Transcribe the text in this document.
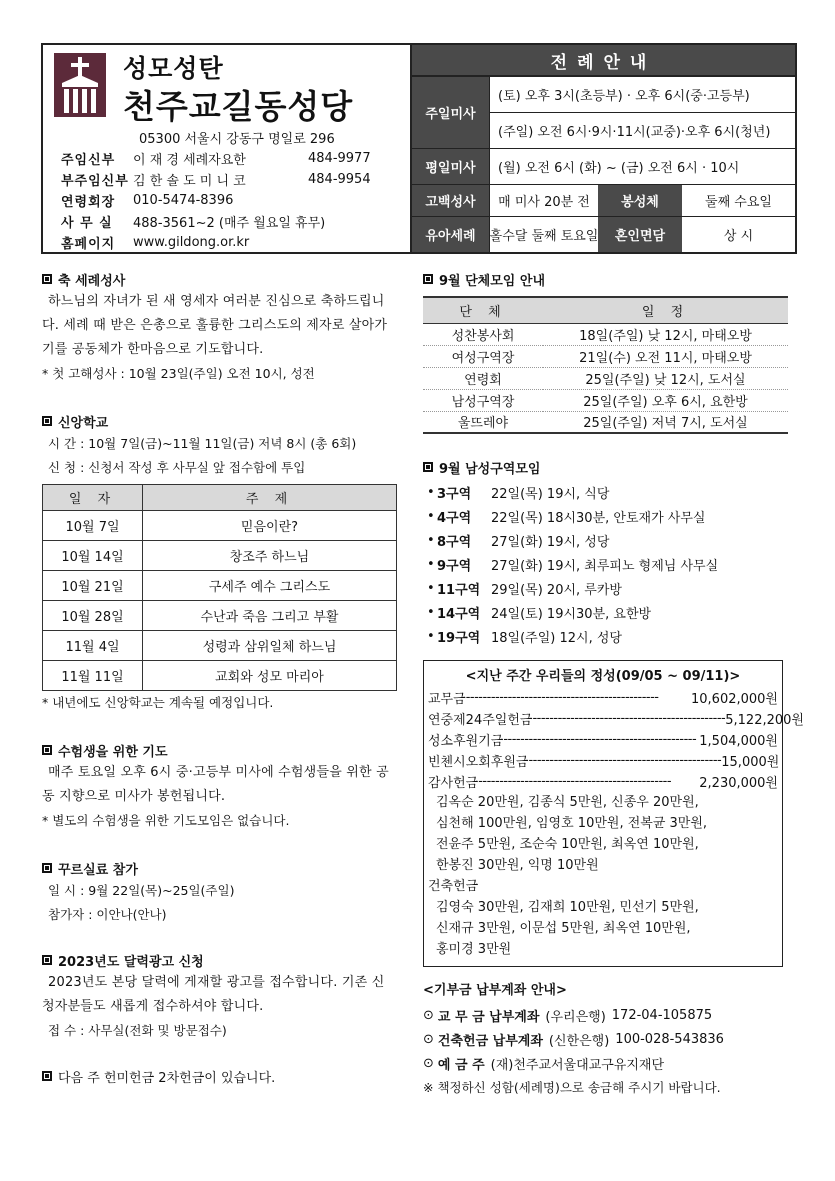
성모성탄
천주교길동성당
05300 서울시 강동구 명일로 296
주임신부	이 재 경 세례자요한	484-9977
부주임신부 김 한 솔 도 미 니 코	484-9954
연령회장	010-5474-8396
사 무 실	488-3561~2 (매주 월요일 휴무)
홈페이지	www.gildong.or.kr
전례안내
주일미사
(토) 오후 3시(초등부) · 오후 6시(중·고등부)
(주일) 오전 6시·9시·11시(교중)·오후 6시(청년)
평일미사	(월) 오전 6시 (화) ~ (금) 오전 6시 · 10시
고백성사	매 미사 20분 전	봉성체	둘째 수요일
유아세례	홀수달 둘째 토요일	혼인면담	상 시
축 세례성사
하느님의 자녀가 된 새 영세자 여러분 진심으로 축하드립니다. 세례 때 받은 은총으로 훌륭한 그리스도의 제자로 살아가기를 공동체가 한마음으로 기도합니다.
* 첫 고해성사 : 10월 23일(주일) 오전 10시, 성전
신앙학교
시 간 : 10월 7일(금)~11월 11일(금) 저녁 8시 (총 6회)
신 청 : 신청서 작성 후 사무실 앞 접수함에 투입
일 자	주 제
10월 7일	믿음이란?
10월 14일	창조주 하느님
10월 21일	구세주 예수 그리스도
10월 28일	수난과 죽음 그리고 부활
11월 4일	성령과 삼위일체 하느님
11월 11일	교회와 성모 마리아
* 내년에도 신앙학교는 계속될 예정입니다.
수험생을 위한 기도
매주 토요일 오후 6시 중·고등부 미사에 수험생들을 위한 공동 지향으로 미사가 봉헌됩니다.
* 별도의 수험생을 위한 기도모임은 없습니다.
꾸르실료 참가
일 시 : 9월 22일(목)~25일(주일)
참가자 : 이안나(안나)
2023년도 달력광고 신청
2023년도 본당 달력에 게재할 광고를 접수합니다. 기존 신청자분들도 새롭게 접수하셔야 합니다.
접 수 : 사무실(전화 및 방문접수)
다음 주 헌미헌금 2차헌금이 있습니다.
9월 단체모임 안내
단 체	일 정
성찬봉사회	18일(주일) 낮 12시, 마태오방
여성구역장	21일(수) 오전 11시, 마태오방
연령회	25일(주일) 낮 12시, 도서실
남성구역장	25일(주일) 오후 6시, 요한방
울뜨레야	25일(주일) 저녁 7시, 도서실
9월 남성구역모임
• 3구역	22일(목) 19시, 식당
• 4구역	22일(목) 18시30분, 안토재가 사무실
• 8구역	27일(화) 19시, 성당
• 9구역	27일(화) 19시, 최루피노 형제님 사무실
• 11구역 29일(목) 20시, 루카방
• 14구역 24일(토) 19시30분, 요한방
• 19구역 18일(주일) 12시, 성당
<지난 주간 우리들의 정성(09/05 ~ 09/11)>
교무금 ----------------------------------------------	10,602,000원
연중제24주일헌금 ---------------------------------------------- 5,122,200원
성소후원기금 ---------------------------------------------- 1,504,000원
빈첸시오회후원금 ---------------------------------------------- 15,000원
감사헌금 ----------------------------------------------	2,230,000원
김옥순 20만원, 김종식 5만원, 신종우 20만원,
심천해 100만원, 임영호 10만원, 전복균 3만원,
전윤주 5만원, 조순숙 10만원, 최옥연 10만원,
한봉진 30만원, 익명 10만원
건축헌금
김영숙 30만원, 김재희 10만원, 민선기 5만원,
신재규 3만원, 이문섭 5만원, 최옥연 10만원,
홍미경 3만원
<기부금 납부계좌 안내>
⊙ 교 무 금 납부계좌 (우리은행) 172-04-105875
⊙ 건축헌금 납부계좌 (신한은행) 100-028-543836
⊙ 예 금 주 (재)천주교서울대교구유지재단
※ 책정하신 성함(세례명)으로 송금해 주시기 바랍니다.
